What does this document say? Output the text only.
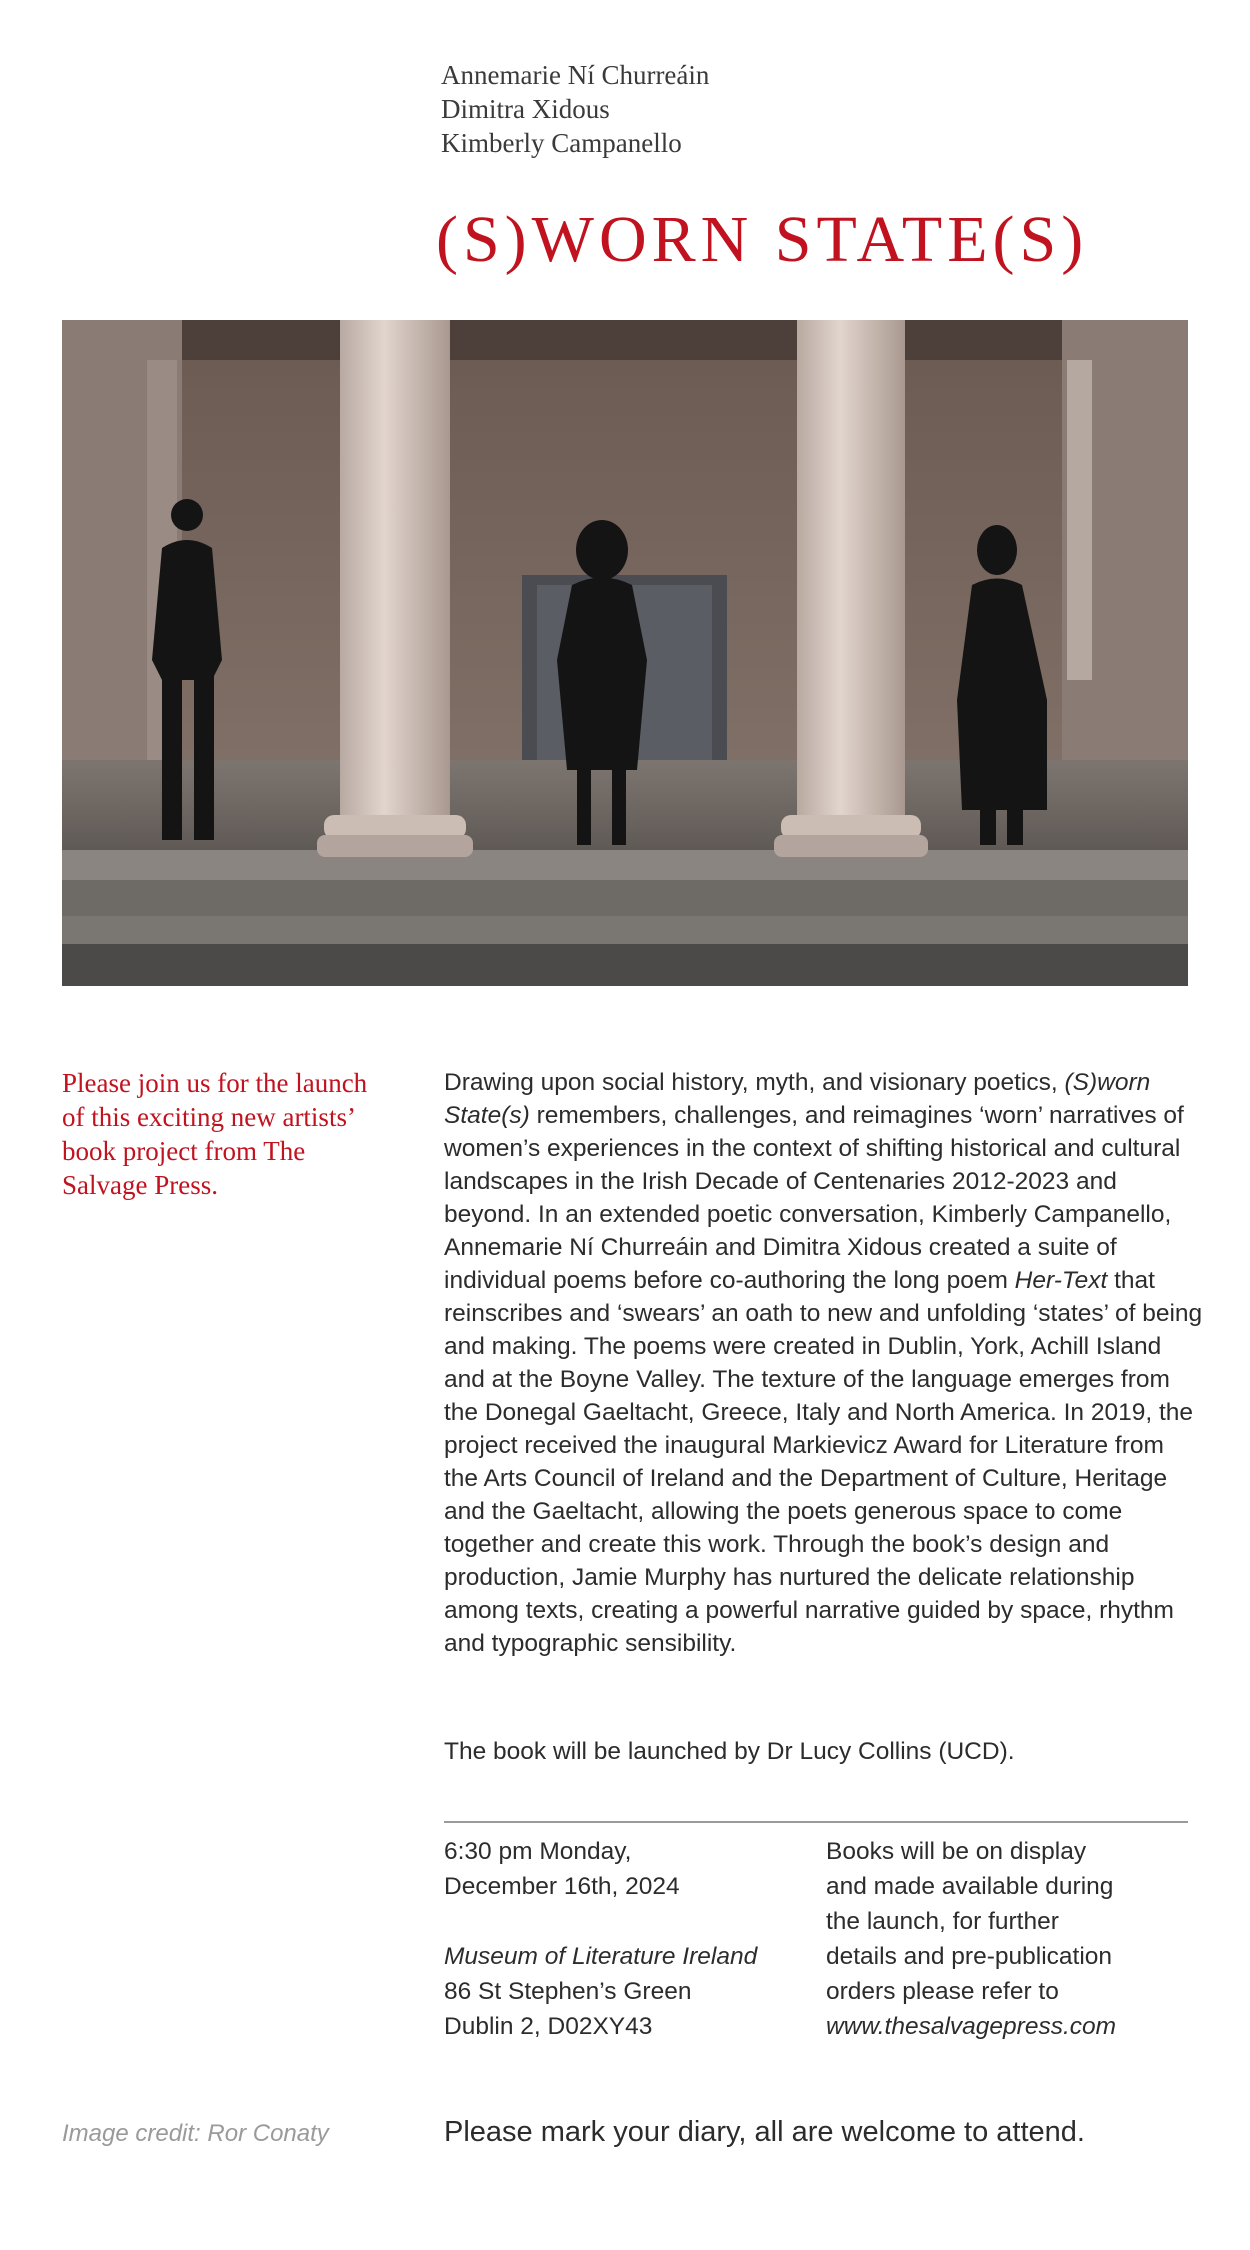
Annemarie Ní Churreáin
Dimitra Xidous
Kimberly Campanello
(S)WORN STATE(S)
Please join us for the launch of this exciting new artists’ book project from The Salvage Press.
Drawing upon social history, myth, and visionary poetics, (S)worn State(s) remembers, challenges, and reimagines ‘worn’ narratives of women’s experiences in the context of shifting historical and cultural landscapes in the Irish Decade of Centenaries 2012-2023 and beyond. In an extended poetic conversation, Kimberly Campanello, Annemarie Ní Churreáin and Dimitra Xidous created a suite of individual poems before co-authoring the long poem Her-Text that reinscribes and ‘swears’ an oath to new and unfolding ‘states’ of being and making. The poems were created in Dublin, York, Achill Island and at the Boyne Valley. The texture of the language emerges from the Donegal Gaeltacht, Greece, Italy and North America. In 2019, the project received the inaugural Markievicz Award for Literature from the Arts Council of Ireland and the Department of Culture, Heritage and the Gaeltacht, allowing the poets generous space to come together and create this work. Through the book’s design and production, Jamie Murphy has nurtured the delicate relationship among texts, creating a powerful narrative guided by space, rhythm and typographic sensibility.
The book will be launched by Dr Lucy Collins (UCD).
6:30 pm Monday,
December 16th, 2024
Museum of Literature Ireland
86 St Stephen’s Green
Dublin 2, D02XY43
Books will be on display
and made available during
the launch, for further
details and pre-publication
orders please refer to
www.thesalvagepress.com
Image credit: Ror Conaty	Please mark your diary, all are welcome to attend.
